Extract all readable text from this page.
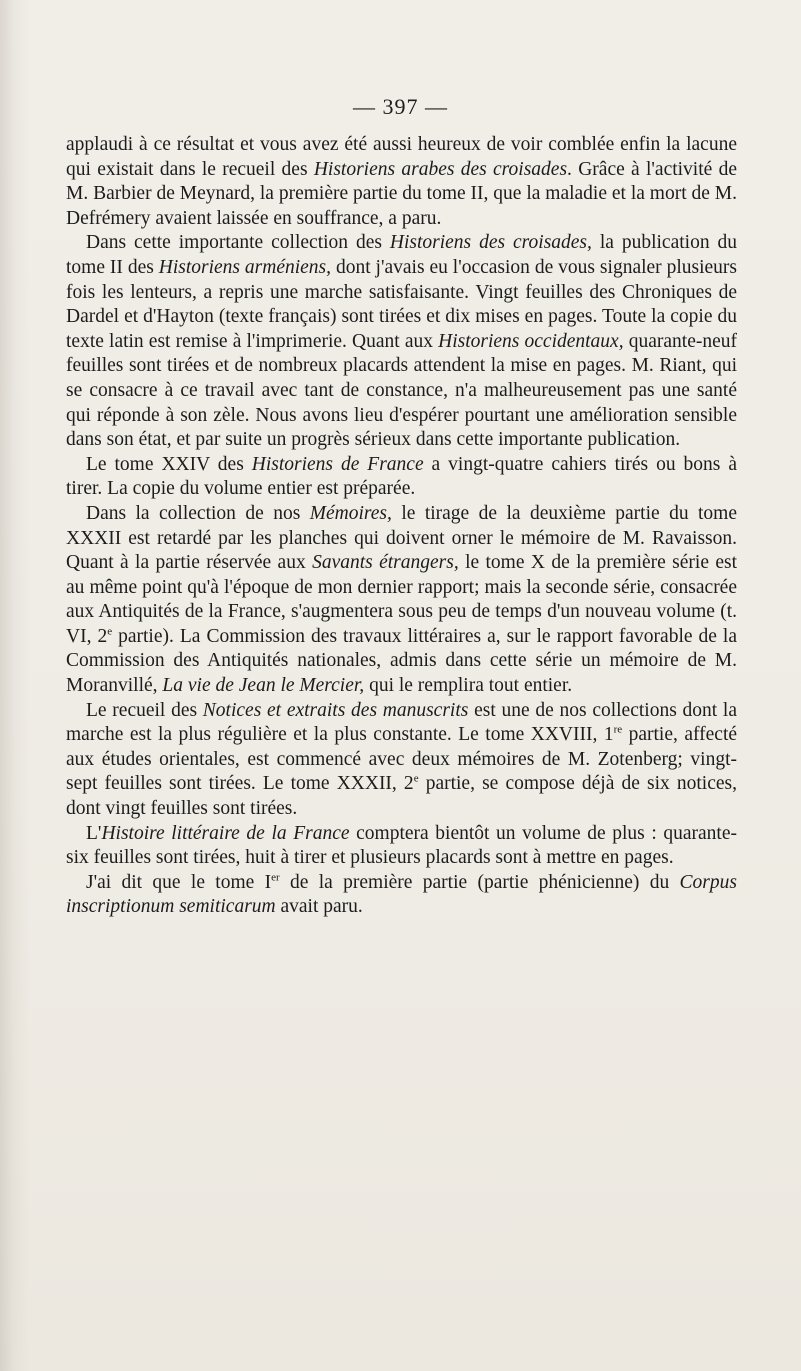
— 397 —

applaudi à ce résultat et vous avez été aussi heureux de voir comblée enfin la lacune qui existait dans le recueil des Historiens arabes des croisades. Grâce à l'activité de M. Barbier de Meynard, la première partie du tome II, que la maladie et la mort de M. Defrémery avaient laissée en souffrance, a paru.

Dans cette importante collection des Historiens des croisades, la publication du tome II des Historiens arméniens, dont j'avais eu l'occasion de vous signaler plusieurs fois les lenteurs, a repris une marche satisfaisante. Vingt feuilles des Chroniques de Dardel et d'Hayton (texte français) sont tirées et dix mises en pages. Toute la copie du texte latin est remise à l'imprimerie. Quant aux Historiens occidentaux, quarante-neuf feuilles sont tirées et de nombreux placards attendent la mise en pages. M. Riant, qui se consacre à ce travail avec tant de constance, n'a malheureusement pas une santé qui réponde à son zèle. Nous avons lieu d'espérer pourtant une amélioration sensible dans son état, et par suite un progrès sérieux dans cette importante publication.

Le tome XXIV des Historiens de France a vingt-quatre cahiers tirés ou bons à tirer. La copie du volume entier est préparée.

Dans la collection de nos Mémoires, le tirage de la deuxième partie du tome XXXII est retardé par les planches qui doivent orner le mémoire de M. Ravaisson. Quant à la partie réservée aux Savants étrangers, le tome X de la première série est au même point qu'à l'époque de mon dernier rapport; mais la seconde série, consacrée aux Antiquités de la France, s'augmentera sous peu de temps d'un nouveau volume (t. VI, 2e partie). La Commission des travaux littéraires a, sur le rapport favorable de la Commission des Antiquités nationales, admis dans cette série un mémoire de M. Moranvillé, La vie de Jean le Mercier, qui le remplira tout entier.

Le recueil des Notices et extraits des manuscrits est une de nos collections dont la marche est la plus régulière et la plus constante. Le tome XXVIII, 1re partie, affecté aux études orientales, est commencé avec deux mémoires de M. Zotenberg; vingt-sept feuilles sont tirées. Le tome XXXII, 2e partie, se compose déjà de six notices, dont vingt feuilles sont tirées.

L'Histoire littéraire de la France comptera bientôt un volume de plus : quarante-six feuilles sont tirées, huit à tirer et plusieurs placards sont à mettre en pages.

J'ai dit que le tome Ier de la première partie (partie phénicienne) du Corpus inscriptionum semiticarum avait paru.
